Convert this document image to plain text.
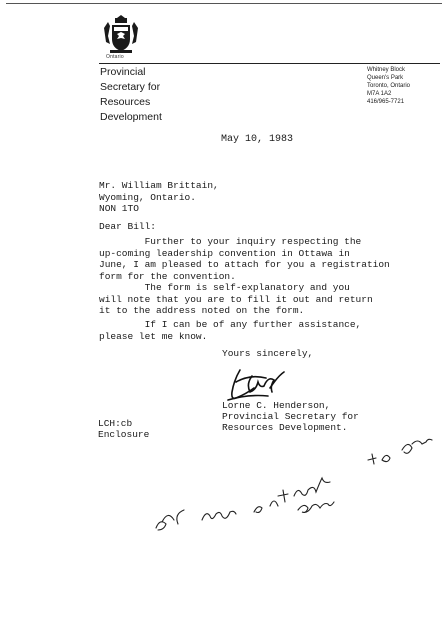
Ontario
Provincial
Secretary for
Resources
Development
Whitney Block
Queen's Park
Toronto, Ontario
M7A 1A2
416/965-7721
May 10, 1983
Mr. William Brittain,
Wyoming, Ontario.
NON 1TO
Dear Bill:
Further to your inquiry respecting the
up-coming leadership convention in Ottawa in
June, I am pleased to attach for you a registration
form for the convention.
The form is self-explanatory and you
will note that you are to fill it out and return
it to the address noted on the form.
If I can be of any further assistance,
please let me know.
Yours sincerely,
Lorne C. Henderson,
Provincial Secretary for
Resources Development.
LCH:cb
Enclosure
